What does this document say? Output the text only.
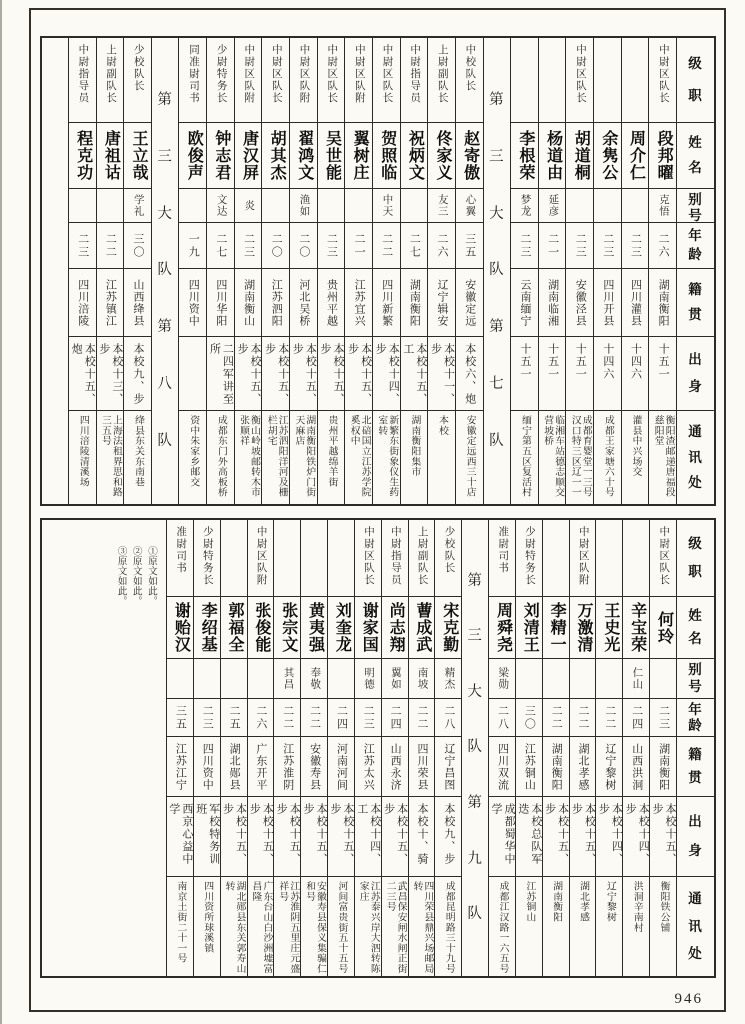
级
职
姓
名
别
号
年
龄
籍
贯
出
身
通
讯
处
中尉区队长
段邦曜
克悟
二六
湖南衡阳
十五一
衡阳渣邮递唐福段慈阳堂
周介仁
二三
四川灌县
十四六
灌县中兴场交
余隽公
二三
四川开县
十四六
成都王家塘六十号
中尉区队长
胡道桐
二三
安徽泾县
十五一
成都育婴堂一三号汉口特三区辽一一
杨道由
延彦
二一
湖南临湘
十五一
临湘车站德志顺交营坡桥
李根荣
梦龙
二三
云南缅宁
十五一
缅宁第五区复活村
第
三
大
队
第
七
队
中校队长
赵寄傲
心翼
三五
安徽定远
本校六、炮
安徽定远西三十店
上尉副队长
佟家义
友三
二六
辽宁辑安
本校十一、步
本校
中尉指导员
祝炳文
二七
湖南衡阳
本校十五、工
湖南衡阳集市
中尉区队长
贺照临
中天
二二
四川新繁
本校十四、步
新繁东街象仪生药室转
中尉区队附
翼树庄
二一
江苏宜兴
本校十五、步
北碚国立江苏学院奚权中
中尉区队长
吴世能
二三
贵州平越
本校十五、步
贵州平越绵羊街
中尉区队附
翟鸿文
渔如
二〇
河北吴桥
本校十五、步
湖南衡阳铁炉门街天麻店
中尉区队长
胡其杰
二〇
江苏泗阳
本校十五、步
江苏泗阳洋河及栅栏胡宅
中尉区队附
唐汉屏
炎
二三
湖南衡山
本校十五、步
衡山岭坡邮转木市张顺祥
少尉特务长
钟志君
文达
二七
四川华阳
二四军讲至所
成都东门外高板桥
同准尉司书
欧俊声
一九
四川资中
资中朱家乡邮交
第
三
大
队
第
八
队
少校队长
王立哉
学礼
三〇
山西绛县
本校九、步
绛县东关东南巷
上尉副队长
唐祖诂
二二
江苏镇江
本校十三、步
上海法租界思和路三五号
中尉指导员
程克功
二三
四川涪陵
本校十五、炮
四川涪陵清溪场
级
职
姓
名
别
号
年
龄
籍
贯
出
身
通
讯
处
中尉区队长
何玲
二三
湖南衡阳
本校十五、步
衡阳铁公铺
辛宝荣
仁山
二四
山西洪洞
本校十四、步
洪洞辛南村
王史光
二二
辽宁黎树
本校十四、步
辽宁黎树
中尉区队附
万激清
二二
湖北孝感
本校十五、步
湖北孝感
李精一
二二
湖南衡阳
本校十五、步
湖南衡阳
少尉特务长
刘清王
三〇
江苏铜山
本校总队军迭
江苏铜山
准尉司书
周舜尧
梁勋
二八
四川双流
成都蜀华中学
成都江汉路一六五号
第
三
大
队
第
九
队
少校队长
宋克勤
精杰
二八
辽宁昌图
本校九、步
成都昆明路三十九号
上尉副队长
蓸成武
南坡
二二
四川荣县
本校十、骑
四川荣县鼎兴场邮局转
中尉指导员
尚志翔
翼如
二四
山西永济
本校十五、步
武昌保安闸水闸正街二三号
中尉区队长
谢家国
明德
二三
江苏太兴
本校十四、工
江苏泰兴岸大泗转陈家庄
刘奎龙
二四
河南河间
本校十五、步
河间富贵街五十五号
黄夷强
奉敬
二二
安徽寿县
本校十五、步
安徽寿县保义集骗仁和号
张宗文
其昌
二二
江苏淮阴
本校十五、步
江苏淮阴五里庄元盛祥号
中尉区队附
张俊能
二六
广东开平
本校十五、步
广东台山白沙洲墟富昌隆
郭福全
二五
湖北郧县
本校十五、步
湖北郧县东关郭寿山转
少尉特务长
李绍基
二三
四川资中
军校特务训班
四川资所球溪镇
准尉司书
谢贻汉
三五
江苏江宁
西京心益中学
南京土街二十一号
①原文如此。
②原文如此。
③原文如此。
946
